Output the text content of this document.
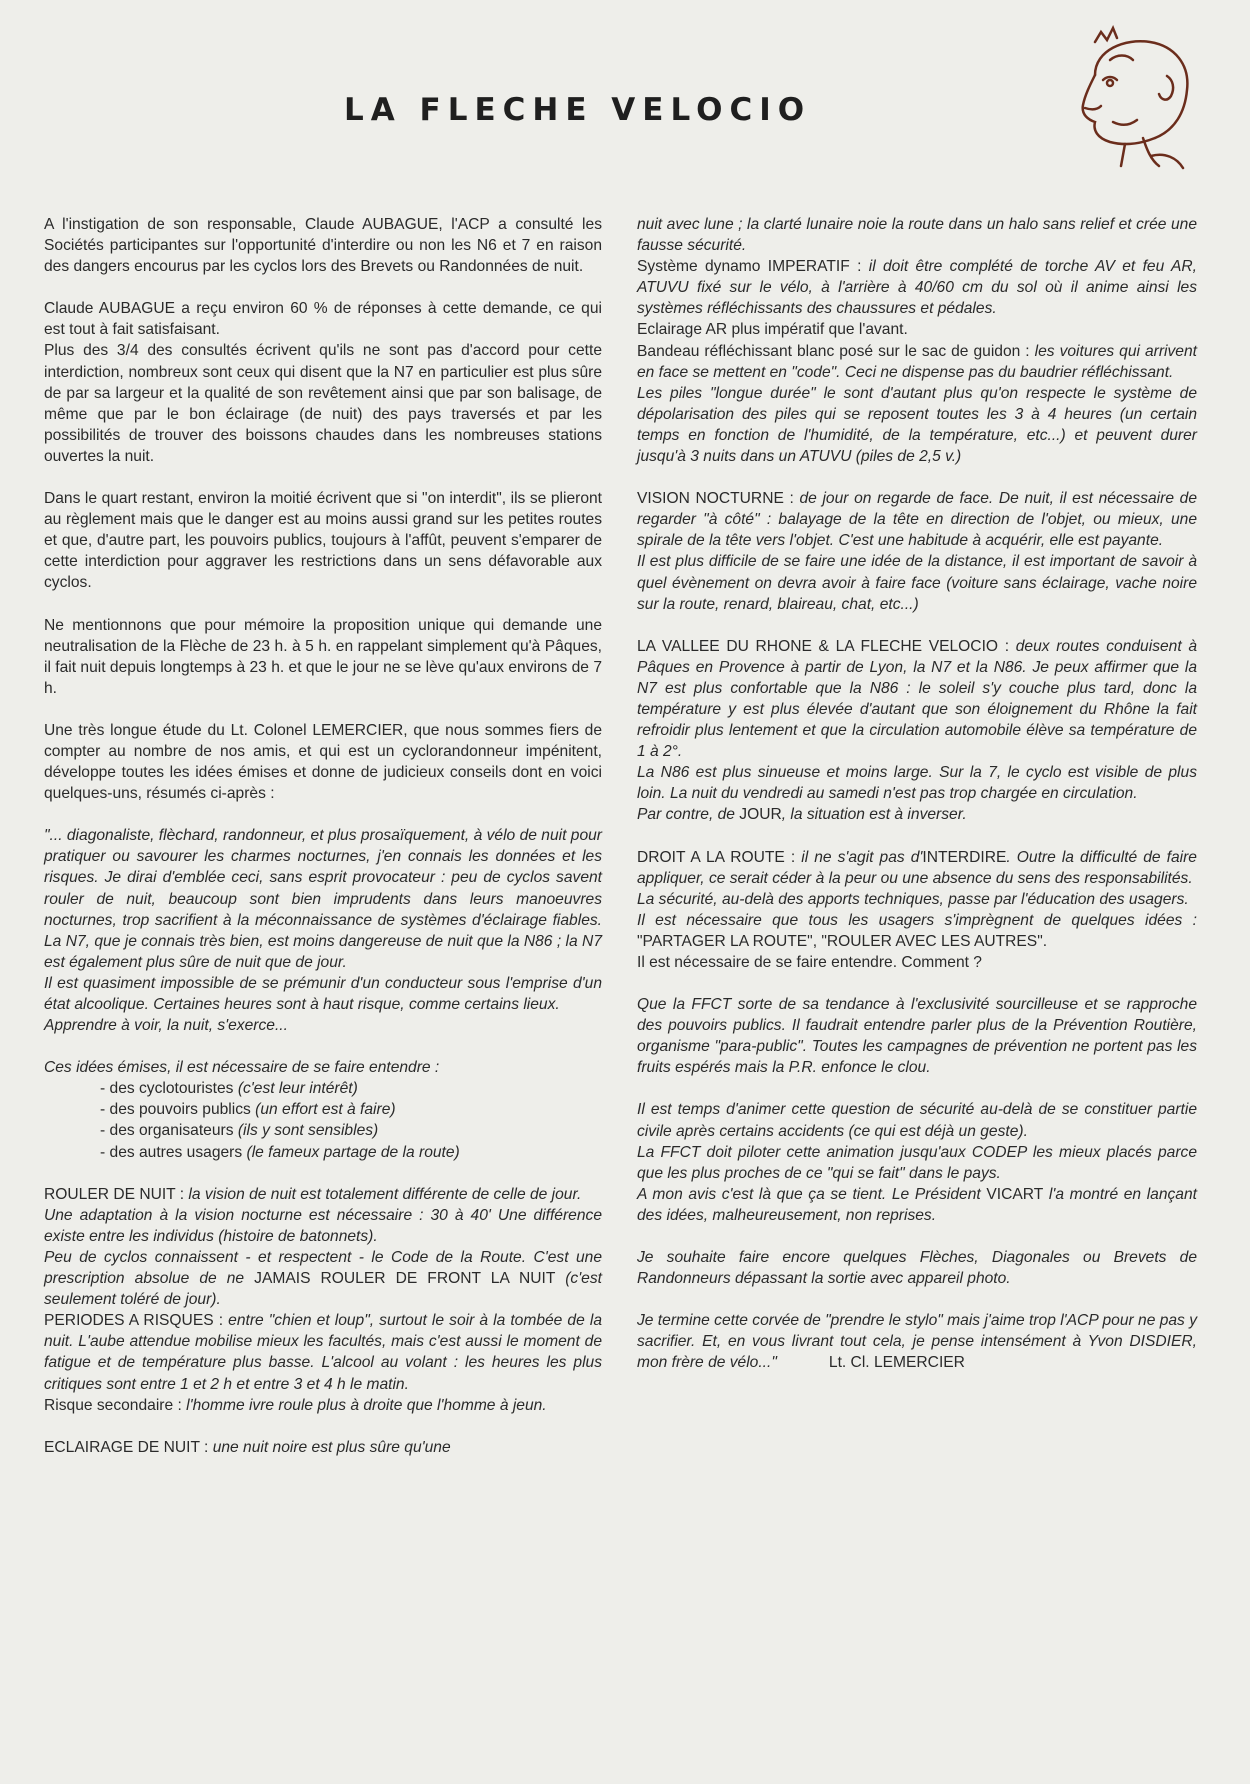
LA FLECHE VELOCIO

A l'instigation de son responsable, Claude AUBAGUE, l'ACP a consulté les Sociétés participantes sur l'opportunité d'interdire ou non les N6 et 7 en raison des dangers encourus par les cyclos lors des Brevets ou Randonnées de nuit.

Claude AUBAGUE a reçu environ 60 % de réponses à cette demande, ce qui est tout à fait satisfaisant.

Plus des 3/4 des consultés écrivent qu'ils ne sont pas d'accord pour cette interdiction, nombreux sont ceux qui disent que la N7 en particulier est plus sûre de par sa largeur et la qualité de son revêtement ainsi que par son balisage, de même que par le bon éclairage (de nuit) des pays traversés et par les possibilités de trouver des boissons chaudes dans les nombreuses stations ouvertes la nuit.

Dans le quart restant, environ la moitié écrivent que si "on interdit", ils se plieront au règlement mais que le danger est au moins aussi grand sur les petites routes et que, d'autre part, les pouvoirs publics, toujours à l'affût, peuvent s'emparer de cette interdiction pour aggraver les restrictions dans un sens défavorable aux cyclos.

Ne mentionnons que pour mémoire la proposition unique qui demande une neutralisation de la Flèche de 23 h. à 5 h. en rappelant simplement qu'à Pâques, il fait nuit depuis longtemps à 23 h. et que le jour ne se lève qu'aux environs de 7 h.

Une très longue étude du Lt. Colonel LEMERCIER, que nous sommes fiers de compter au nombre de nos amis, et qui est un cyclorandonneur impénitent, développe toutes les idées émises et donne de judicieux conseils dont en voici quelques-uns, résumés ci-après :

"... diagonaliste, flèchard, randonneur, et plus prosaïquement, à vélo de nuit pour pratiquer ou savourer les charmes nocturnes, j'en connais les données et les risques. Je dirai d'emblée ceci, sans esprit provocateur : peu de cyclos savent rouler de nuit, beaucoup sont bien imprudents dans leurs manoeuvres nocturnes, trop sacrifient à la méconnaissance de systèmes d'éclairage fiables. La N7, que je connais très bien, est moins dangereuse de nuit que la N86 ; la N7 est également plus sûre de nuit que de jour.

Il est quasiment impossible de se prémunir d'un conducteur sous l'emprise d'un état alcoolique. Certaines heures sont à haut risque, comme certains lieux.

Apprendre à voir, la nuit, s'exerce...

Ces idées émises, il est nécessaire de se faire entendre :

- des cyclotouristes (c'est leur intérêt)
- des pouvoirs publics (un effort est à faire)
- des organisateurs (ils y sont sensibles)
- des autres usagers (le fameux partage de la route)

ROULER DE NUIT : la vision de nuit est totalement différente de celle de jour.

Une adaptation à la vision nocturne est nécessaire : 30 à 40' Une différence existe entre les individus (histoire de batonnets).

Peu de cyclos connaissent - et respectent - le Code de la Route. C'est une prescription absolue de ne JAMAIS ROULER DE FRONT LA NUIT (c'est seulement toléré de jour).

PERIODES A RISQUES : entre "chien et loup", surtout le soir à la tombée de la nuit. L'aube attendue mobilise mieux les facultés, mais c'est aussi le moment de fatigue et de température plus basse. L'alcool au volant : les heures les plus critiques sont entre 1 et 2 h et entre 3 et 4 h le matin.

Risque secondaire : l'homme ivre roule plus à droite que l'homme à jeun.

ECLAIRAGE DE NUIT : une nuit noire est plus sûre qu'une

nuit avec lune ; la clarté lunaire noie la route dans un halo sans relief et crée une fausse sécurité.

Système dynamo IMPERATIF : il doit être complété de torche AV et feu AR, ATUVU fixé sur le vélo, à l'arrière à 40/60 cm du sol où il anime ainsi les systèmes réfléchissants des chaussures et pédales.

Eclairage AR plus impératif que l'avant.

Bandeau réfléchissant blanc posé sur le sac de guidon : les voitures qui arrivent en face se mettent en "code". Ceci ne dispense pas du baudrier réfléchissant.

Les piles "longue durée" le sont d'autant plus qu'on respecte le système de dépolarisation des piles qui se reposent toutes les 3 à 4 heures (un certain temps en fonction de l'humidité, de la température, etc...) et peuvent durer jusqu'à 3 nuits dans un ATUVU (piles de 2,5 v.)

VISION NOCTURNE : de jour on regarde de face. De nuit, il est nécessaire de regarder "à côté" : balayage de la tête en direction de l'objet, ou mieux, une spirale de la tête vers l'objet. C'est une habitude à acquérir, elle est payante.

Il est plus difficile de se faire une idée de la distance, il est important de savoir à quel évènement on devra avoir à faire face (voiture sans éclairage, vache noire sur la route, renard, blaireau, chat, etc...)

LA VALLEE DU RHONE & LA FLECHE VELOCIO : deux routes conduisent à Pâques en Provence à partir de Lyon, la N7 et la N86. Je peux affirmer que la N7 est plus confortable que la N86 : le soleil s'y couche plus tard, donc la température y est plus élevée d'autant que son éloignement du Rhône la fait refroidir plus lentement et que la circulation automobile élève sa température de 1 à 2°.

La N86 est plus sinueuse et moins large. Sur la 7, le cyclo est visible de plus loin. La nuit du vendredi au samedi n'est pas trop chargée en circulation.

Par contre, de JOUR, la situation est à inverser.

DROIT A LA ROUTE : il ne s'agit pas d'INTERDIRE. Outre la difficulté de faire appliquer, ce serait céder à la peur ou une absence du sens des responsabilités.

La sécurité, au-delà des apports techniques, passe par l'éducation des usagers.

Il est nécessaire que tous les usagers s'imprègnent de quelques idées : "PARTAGER LA ROUTE", "ROULER AVEC LES AUTRES".

Il est nécessaire de se faire entendre. Comment ?

Que la FFCT sorte de sa tendance à l'exclusivité sourcilleuse et se rapproche des pouvoirs publics. Il faudrait entendre parler plus de la Prévention Routière, organisme "para-public". Toutes les campagnes de prévention ne portent pas les fruits espérés mais la P.R. enfonce le clou.

Il est temps d'animer cette question de sécurité au-delà de se constituer partie civile après certains accidents (ce qui est déjà un geste).

La FFCT doit piloter cette animation jusqu'aux CODEP les mieux placés parce que les plus proches de ce "qui se fait" dans le pays.

A mon avis c'est là que ça se tient. Le Président VICART l'a montré en lançant des idées, malheureusement, non reprises.

Je souhaite faire encore quelques Flèches, Diagonales ou Brevets de Randonneurs dépassant la sortie avec appareil photo.

Je termine cette corvée de "prendre le stylo" mais j'aime trop l'ACP pour ne pas y sacrifier. Et, en vous livrant tout cela, je pense intensément à Yvon DISDIER, mon frère de vélo..."	Lt. Cl. LEMERCIER
